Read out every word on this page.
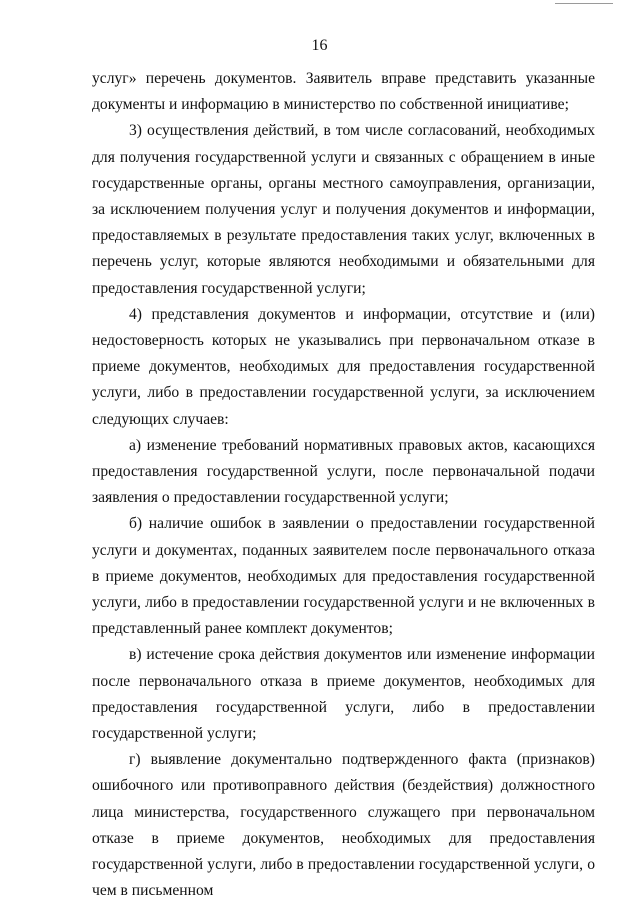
16

услуг» перечень документов. Заявитель вправе представить указанные документы и информацию в министерство по собственной инициативе;

3) осуществления действий, в том числе согласований, необходимых для получения государственной услуги и связанных с обращением в иные государственные органы, органы местного самоуправления, организации, за исключением получения услуг и получения документов и информации, предоставляемых в результате предоставления таких услуг, включенных в перечень услуг, которые являются необходимыми и обязательными для предоставления государственной услуги;

4) представления документов и информации, отсутствие и (или) недостоверность которых не указывались при первоначальном отказе в приеме документов, необходимых для предоставления государственной услуги, либо в предоставлении государственной услуги, за исключением следующих случаев:

а) изменение требований нормативных правовых актов, касающихся предоставления государственной услуги, после первоначальной подачи заявления о предоставлении государственной услуги;

б) наличие ошибок в заявлении о предоставлении государственной услуги и документах, поданных заявителем после первоначального отказа в приеме документов, необходимых для предоставления государственной услуги, либо в предоставлении государственной услуги и не включенных в представленный ранее комплект документов;

в) истечение срока действия документов или изменение информации после первоначального отказа в приеме документов, необходимых для предоставления государственной услуги, либо в предоставлении государственной услуги;

г) выявление документально подтвержденного факта (признаков) ошибочного или противоправного действия (бездействия) должностного лица министерства, государственного служащего при первоначальном отказе в приеме документов, необходимых для предоставления государственной услуги, либо в предоставлении государственной услуги, о чем в письменном
